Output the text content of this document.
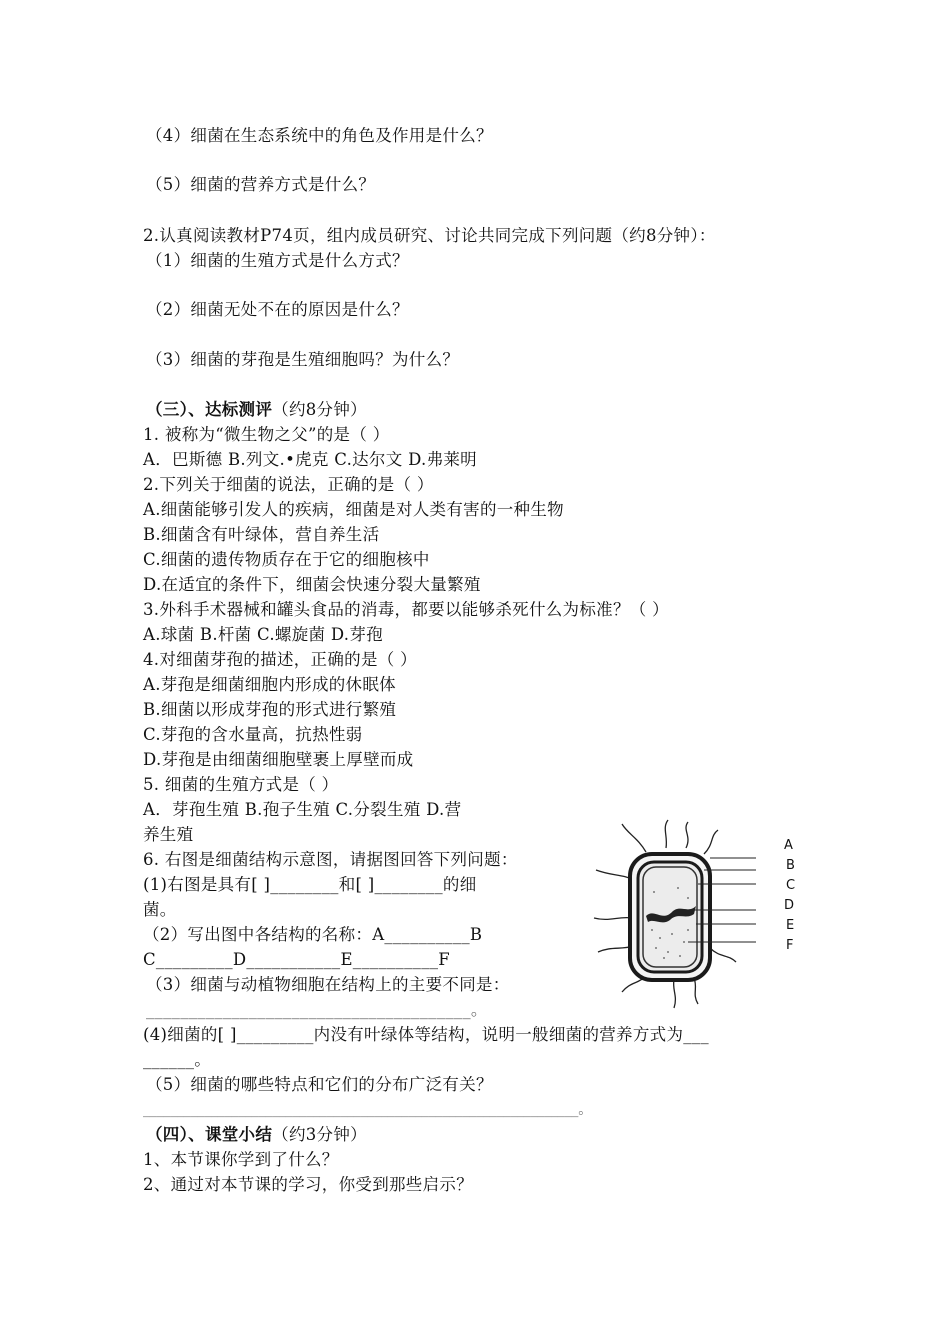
（4）细菌在生态系统中的角色及作用是什么？
（5）细菌的营养方式是什么？
2.认真阅读教材P74页，组内成员研究、讨论共同完成下列问题（约8分钟）：
（1）细菌的生殖方式是什么方式？
（2）细菌无处不在的原因是什么？
（3）细菌的芽孢是生殖细胞吗？为什么？
（三）、达标测评（约8分钟）
1. 被称为“微生物之父”的是（ ）
A．巴斯德 B.列文.•虎克 C.达尔文 D.弗莱明
2.下列关于细菌的说法，正确的是（ ）
A.细菌能够引发人的疾病，细菌是对人类有害的一种生物
B.细菌含有叶绿体，营自养生活
C.细菌的遗传物质存在于它的细胞核中
D.在适宜的条件下，细菌会快速分裂大量繁殖
3.外科手术器械和罐头食品的消毒，都要以能够杀死什么为标准？（ ）
A.球菌 B.杆菌 C.螺旋菌 D.芽孢
4.对细菌芽孢的描述，正确的是（ ）
A.芽孢是细菌细胞内形成的休眠体
B.细菌以形成芽孢的形式进行繁殖
C.芽孢的含水量高，抗热性弱
D.芽孢是由细菌细胞壁裹上厚壁而成
5. 细菌的生殖方式是（ ）
A．芽孢生殖 B.孢子生殖 C.分裂生殖 D.营
养生殖
6. 右图是细菌结构示意图，请据图回答下列问题：
(1)右图是具有[ ]________和[ ]________的细
菌。
（2）写出图中各结构的名称：A__________B
C_________D___________E__________F
（3）细菌与动植物细胞在结构上的主要不同是：
______________________________________。
(4)细菌的[ ]_________内没有叶绿体等结构，说明一般细菌的营养方式为___
______。
（5）细菌的哪些特点和它们的分布广泛有关？
________________________________________________________________。
（四）、课堂小结（约3分钟）
1、本节课你学到了什么？
2、通过对本节课的学习，你受到那些启示？
A
B
C
D
E
F
